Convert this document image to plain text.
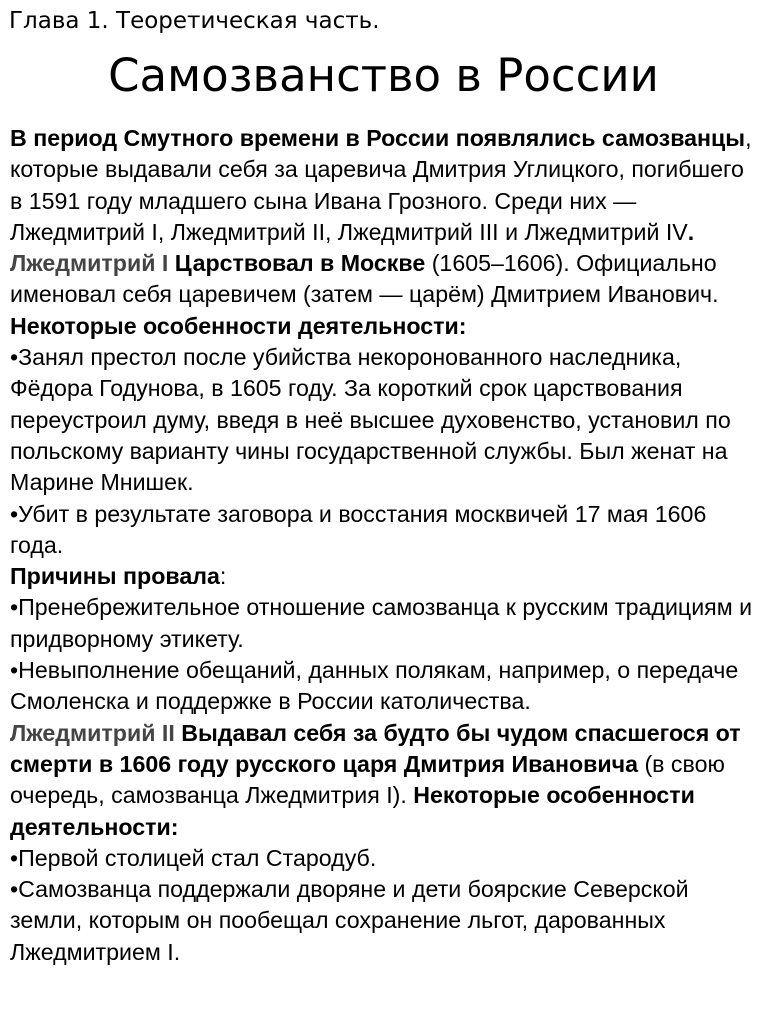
Глава 1. Теоретическая часть.
Самозванство в России

В период Смутного времени в России появлялись самозванцы, которые выдавали себя за царевича Дмитрия Углицкого, погибшего в 1591 году младшего сына Ивана Грозного. Среди них — Лжедмитрий I, Лжедмитрий II, Лжедмитрий III и Лжедмитрий IV.

Лжедмитрий I Царствовал в Москве (1605–1606). Официально именовал себя царевичем (затем — царём) Дмитрием Иванович. Некоторые особенности деятельности:

•Занял престол после убийства некоронованного наследника, Фёдора Годунова, в 1605 году. За короткий срок царствования переустроил думу, введя в неё высшее духовенство, установил по польскому варианту чины государственной службы. Был женат на Марине Мнишек.

•Убит в результате заговора и восстания москвичей 17 мая 1606 года.

Причины провала:

•Пренебрежительное отношение самозванца к русским традициям и придворному этикету.

•Невыполнение обещаний, данных полякам, например, о передаче Смоленска и поддержке в России католичества.

Лжедмитрий II Выдавал себя за будто бы чудом спасшегося от смерти в 1606 году русского царя Дмитрия Ивановича (в свою очередь, самозванца Лжедмитрия I). Некоторые особенности деятельности:

•Первой столицей стал Стародуб.

•Самозванца поддержали дворяне и дети боярские Северской земли, которым он пообещал сохранение льгот, дарованных Лжедмитрием I.
